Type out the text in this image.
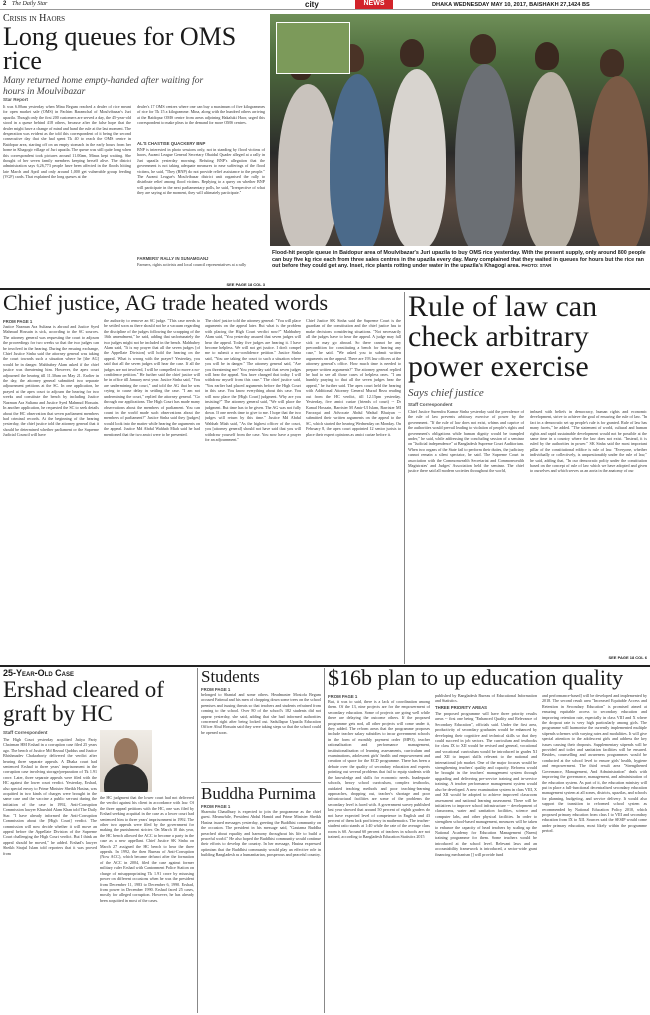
2 The Daily Star	city	NEWS	DHAKA WEDNESDAY MAY 10, 2017, BAISHAKH 27,1424 BS
Crisis in Haors
Long queues for OMS rice
Many returned home empty-handed after waiting for hours in Moulvibazar
Star Report
It was 6.00am yesterday when Mina Begum reached a dealer of rice meant for open market sale (OMS) in Pachim Baramchal of Moulvibazar's Juri upazila. Though only the first 200 customers are served a day, the 45-year-old stood in a queue behind 418 others, because after the false hope that the dealer might have a change of mind and hand the rule at the last moment. The desperation was evident as the told this correspondent of it being the second consecutive day that she had spent Tk 40 to reach the OMS centre in Baidopur area, starting off on an empty stomach in the early hours from her home in Khagogir village of Juri upazila. The queue was still quite long when this correspondent took pictures around 11.00am, Minas kept waiting. She thought of her seven family members keeping herself alive. The district administration says 6,26,773 people have been affected in the floods hitting late March and April and only around 1,000 get vulnerable group feeding (VGF) cards. That explained the long queues at the
dealer's 17 OMS centres where one can buy a maximum of five kilogrammes of rice for Tk 15 a kilogramme. Mina, along with the hundred others arriving at the Baidopur OMS centre from areas adjoining Hakaluki Haor, urged this correspondent to make pleas to the demand for more OMS centres.
AL'S CHASTISE QUACKERY BNP
BNP is interested in photo sessions only, not in standing by flood victims of haors, Awami League General Secretary Obaidul Quader alleged at a rally in Juri upazila yesterday morning. Refuting BNP's allegation that the government is not taking adequate measures to ease sufferings of the flood victims, he said, "They (BNP) do not provide relief assistance to the people." The Awami League's Moulvibazar district unit organised the rally to distribute relief among flood victims. Replying to a query on whether BNP will participate in the next parliamentary polls, he said, "Irrespective of what they are saying at the moment, they will ultimately participate."
FARMERS' RALLY IN SUNAMGANJ
Farmers, rights activists and local council representatives at a rally
SEE PAGE 18 COL 3
Flood-hit people queue in Baidopur area of Moulvibazar's Juri upazila to buy OMS rice yesterday. With the present supply, only around 800 people can buy five kg rice each from three sales centres in the upazila every day. Many complained that they waited in queues for hours but the rice ran out before they could get any. Inset, rice plants rotting under water in the upazila's Khagogi area. PHOTO: STAR
Chief justice, AG trade heated words
FROM PAGE 1
Justice Nazmun Ara Sultana is abroad and Justice Syed Mahmud Hossain is sick, according to the SC sources. The attorney general was requesting the court to adjourn the proceedings for two weeks so that the two judges can be involved in the hearing. During the ensuing exchange, Chief Justice Sinha said the attorney general was taking the court towards such a situation where he [the AG] would be in danger. Mahbubey Alam asked if the chief justice was threatening him. However, the apex court adjourned the hearing till 11.30am on May 21. Earlier in the day, the attorney general submitted two separate adjournment petitions at the SC. In one application, he prayed at the apex court to adjourn the hearing for two weeks and constitute the bench by including Justice Nazmun Ara Sultana and Justice Syed Mahmud Hossain. In another application, he requested the SC to seek details about the HC observation that seven parliament members had criminal records. At the beginning of the hearing yesterday, the chief justice told the attorney general that it should be determined whether parliament or the Supreme Judicial Council will have
the authority to remove an SC judge. "This case needs to be settled soon as there should not be a vacuum regarding the discipline of the judges following the scrapping of the 16th amendment," he said, adding that unfortunately the two judges might not be included in the bench. Mahbubey Alam said, "It is my prayer that all the seven judges [of the Appellate Division] will hold the hearing on the appeal. What is wrong with the prayer? Yesterday, you said that all the seven judges will hear the case. If all the judges are not involved, I will be compelled to move a no-confidence petition." He further said the chief justice will be in office till January next year. Justice Sinha said, "You are undermining the court," and told the AG that he was crying to cause delay in settling the case. "I am not undermining the court," replied the attorney general. "Go through our applications. The High Court has made many observations about the members of parliament. You can count in the world made such observations about the members of parliament?" Justice Sinha said they [judges] would look into the matter while hearing the arguments on the appeal. Justice Md Abdul Wahhab Miah said he had mentioned that the two amici were to be presented.
The chief justice told the attorney general: "You will place arguments on the appeal later. But what is the problem with placing the High Court verdict now?" Mahbubey Alam said, "You yesterday assured that seven judges will hear the appeal. Today five judges are hearing it. I have become helpless. We will not get justice. I don't compel me to submit a no-confidence petition." Justice Sinha said, "You are taking the court to such a situation where you will be in danger." The attorney general said, "Are you threatening me? You yesterday said that seven judges will hear the appeal. You have changed that today. I will withdraw myself from this case." The chief justice said, "You earlier had placed arguments before the High Court in this case. You know everything about this case. You will now place the [High Court] judgment. Why are you insisting?" The attorney general said, "We will place the judgment. But time has to be given. The AG was not fully down. If one needs time to give to me. I hope that the two judges will return by this time." Justice Md Abdul Wahhab Miah said, "As the highest officer of the court, you [attorney general] should not have said that you will withdraw yourself from the case. You now have a prayer for an adjournment."
Chief Justice SK Sinha said the Supreme Court is the guardian of the constitution and the chief justice has to make decisions considering situations. "Not necessarily all the judges have to hear the appeal. A judge may fall sick or may go abroad. So there cannot be any precondition for constituting a bench for hearing any case," he said. "We asked you to submit written arguments on the appeal. There are 193 law officers at the attorney general's office. How much time is needed to prepare written arguments?" The attorney general replied he had to see all those cases of helpless ones. "I am humbly praying to that all the seven judges hear the appeal," he further said. The apex court held the hearing with Additional Attorney General Murad Reza reading out from the HC verdict, till 12.15pm yesterday. Yesterday, five amici curiae (friends of court) -- Dr Kamal Hossain, Barrister M Amir-Ul Islam, Barrister MI Farooqui and Advocate Abdul Wadud Bhuiyan -- submitted their written arguments on the appeal to the SC, which started the hearing Wednesday on Monday. On February 8, the apex court appointed 12 senior jurists to place their expert opinions as amici curiae before it.
Rule of law can check arbitrary power exercise
Says chief justice
Staff Correspondent
Chief Justice Surendra Kumar Sinha yesterday said the prevalence of the rule of law prevents arbitrary exercise of power by the government. "If the rule of law does not exist, whims and caprice of the authorities would prevail leading to violation of people's rights and government's obligations while human dignity would be trampled under," he said, while addressing the concluding session of a seminar on "Judicial independence" at Bangladesh Supreme Court Auditorium. When two organs of the State fail to perform their duties, the judiciary cannot remain a silent spectator, he said. The Supreme Court in association with the Commonwealth Secretariat and Commonwealth Magistrates' and Judges' Association held the seminar. The chief justice there said all modern societies throughout the world,
imbued with beliefs in democracy, human rights and economic development, strive to achieve the goal of ensuring the rule of law. "In fact in a democratic set up people's rule is for granted. Rule of law has many facets," he added. "The statement of world, cultural and human rights and rapid sustainable development would not be possible at the same time in a country where the law does not exist. "Instead, it is ruled by the authorities in power." SK Sinha said the most important pillar of the constitutional edifice is rule of law. "Everyone, whether individually or collectively, is unquestionably under the rule of law," he said, adding that, "In our democratic polity under the constitution based on the concept of rule of law which we have adopted and given to ourselves and which serves as an aorta in the anatomy of our
SEE PAGE 18 COL 6
25-Year-Old Case
Ershad cleared of graft by HC
Staff Correspondent
The High Court yesterday acquitted Jatiya Party Chairman HM Ershad in a corruption case filed 25 years ago. The bench of Justice Md Rezaul Quddus and Justice Bhishmadev Chakraborty delivered the verdict after hearing three separate appeals. A Dhaka court had sentenced Ershad to three years' imprisonment in the corruption case involving storage/preparation of Tk 1.91 crore. Later, three separate appeals were filed with the HC against the lower court verdict. Yesterday, Ershad, also special envoy to Prime Minister Sheikh Hasina, was acquitted in two kinds of charges were brought in the same case and the vaccine a public servant during the initiation of the case in 1992, Anti-Corruption Commission lawyer Khurshid Alam Khan told The Daily Star. "I have already informed the Anti-Corruption Commission about the [High Court] verdict. The commission will now decide whether it will move an appeal before the Appellate Division of the Supreme Court challenging the High Court verdict. But I think an appeal should be moved," he added. Ershad's lawyer Sheikh Sirajul Islam told reporters that it was proved from
the HC judgment that the lower court had not delivered the verdict against his client in accordance with law. Of the three appeal petitions with the HC, one was filed by Ershad seeking acquittal in the case as a lower court had sentenced him to three years' imprisonment in 1992. The other two appeals were filed by the government for making the punishment stricter. On March 10 this year, the HC bench allowed the ACC to become a party in the case as a new appellant. Chief Justice SK Sinha on March 27 assigned the HC bench to hear the three appeals. In 1992, the then Bureau of Anti-Corruption (Now ACC), which became defunct after the formation of the ACC in 2004, filed the case against former military ruler Ershad with Cantonment Police Station on charge of misappropriating Tk 1.91 crore by misusing power on different occasions when he was the president from December 11, 1983 to December 6, 1990. Ershad, from power in December 1990. Ershad faced 25 cases, mostly for alleged corruption. However, he has already been acquitted in most of the cases.
Students
FROM PAGE 1
belonged to Shantal and some others. Headmaster Mostofa Begum accused Fatimul and his men of chopping down some trees on the school premises and issuing threats so that teachers and students refrained from coming to the school. Over 80 of the school's 182 students did not appear yesterday, she said, adding that she had informed authorities concerned right after being locked out. Sadullapur Upazila Education Officer Abul Hossain said they were taking steps so that the school could be opened soon.
Buddha Purnima
FROM PAGE 1
Sharmita Chaudhury is expected to join the programme as the chief guest. Meanwhile, President Abdul Hamid and Prime Minister Sheikh Hasina issued messages yesterday, greeting the Buddhist community on the occasion. The president in his message said, "Gautama Buddha preached about equality and harmony throughout his life to build a peaceful world." He also hoped the Buddhist community would continue their efforts to develop the country. In her message, Hasina expressed optimism that the Buddhist community would play an effective role in building Bangladesh as a humanitarian, prosperous and peaceful country.
$16b plan to up education quality
FROM PAGE 1
But, it was to said, there is a lack of coordination among them. Of the 13, nine projects are for the empowerment of secondary education. Some of projects are going well while there are delaying the outcome others. If the proposed programme gets nod, all other projects will come under it, they added. The reform areas that the programme proposes include teacher salary subsidies to incur government schools in the form of monthly payment order (MPO), teacher rationalisation and performance management, institutionalisation of learning assessments, curriculum and examinations, adolescent girls' health and empowerment and creation of space for the ECD programme. There has been a debate over the quality of secondary education and experts pointing out several problems that fail to equip students with the knowledge and skills for economic needs. Inadequate schools, heavy school curriculum, complex textbooks, outdated teaching methods and poor teaching-learning approaches, dropping out, teacher's shortage and poor infrastructural facilities are some of the problems the secondary level is faced with. A government survey published last year showed that around 50 percent of eighth graders do not have expected level of competence in English and 43 percent of them lack proficiency in mathematics. The teacher-student ratio stands at 1:40 while the rate of the average class room is 60. Around 60 percent of teachers in schools are not trained, according to Bangladesh Education Statistics 2015
published by Bangladesh Bureau of Educational Information and Statistics.
THREE PRIORITY AREAS
The proposed programme will have three priority results areas -- first one being "Enhanced Quality and Relevance of Secondary Education", officials said. Under the first area, productivity of secondary graduates would be enhanced by developing their cognitive and technical skills so that they could succeed in job sectors. The curriculum and textbooks for class IX to XII would be revised and general, vocational and vocational curriculum would be introduced in grades XI and XII to impart skills relevant to the national and international job market. One of the major focuses would be strengthening teachers' quality and capacity. Reforms would be brought in the teachers' management system through upgrading and delivering pre-service training and in-service training. A teacher performance management system would also be developed. A new examination system in class VIII, X and XII would be adopted to achieve improved classroom assessment and national learning assessment. There will be initiatives to improve school infrastructure -- development of classrooms, water and sanitation facilities, science and computer labs, and other physical facilities. In order to strengthen school-based management, measures will be taken to enhance the capacity of head teachers by scaling up the National Academy for Education Management (Naem) training programme for them. Some teachers would be introduced at the school level. Relevant laws and an accountability framework is introduced, a sector-wide grant financing mechanism [] will provide fund
and performance-based] will be developed and implemented by 2018. The second result area "Increased Equitable Access and Retention in Secondary Education" is promised aimed at ensuring equitable access to secondary education and improving retention rate, especially in class VIII and X where the dropout rate is very high particularly among girls. The programme will harmonise the currently implemented multiple stipends schemes with varying rates and modalities. It will give special attention to the adolescent girls and address the key issues causing their dropouts. Supplementary stipends will be provided and toilet and sanitation facilities will be ensured. Besides, counselling and awareness programmes would be conducted at the school level to ensure girls' health, hygiene and empowerment. The third result area "Strengthened Governance, Management, And Administration" deals with improving the governance, management, and administration of the education system. As part of it, the education ministry will put in place a full-functional decentralised secondary education management system at all zones, districts, upazilas, and schools for planning, budgeting, and service delivery. It would also support the transition to reformed school system as recommended by National Education Policy 2010, which proposed primary education from class I to VIII and secondary education from IX to XII. Sources said the SESIP would come under primary education, most likely within the programme period.
